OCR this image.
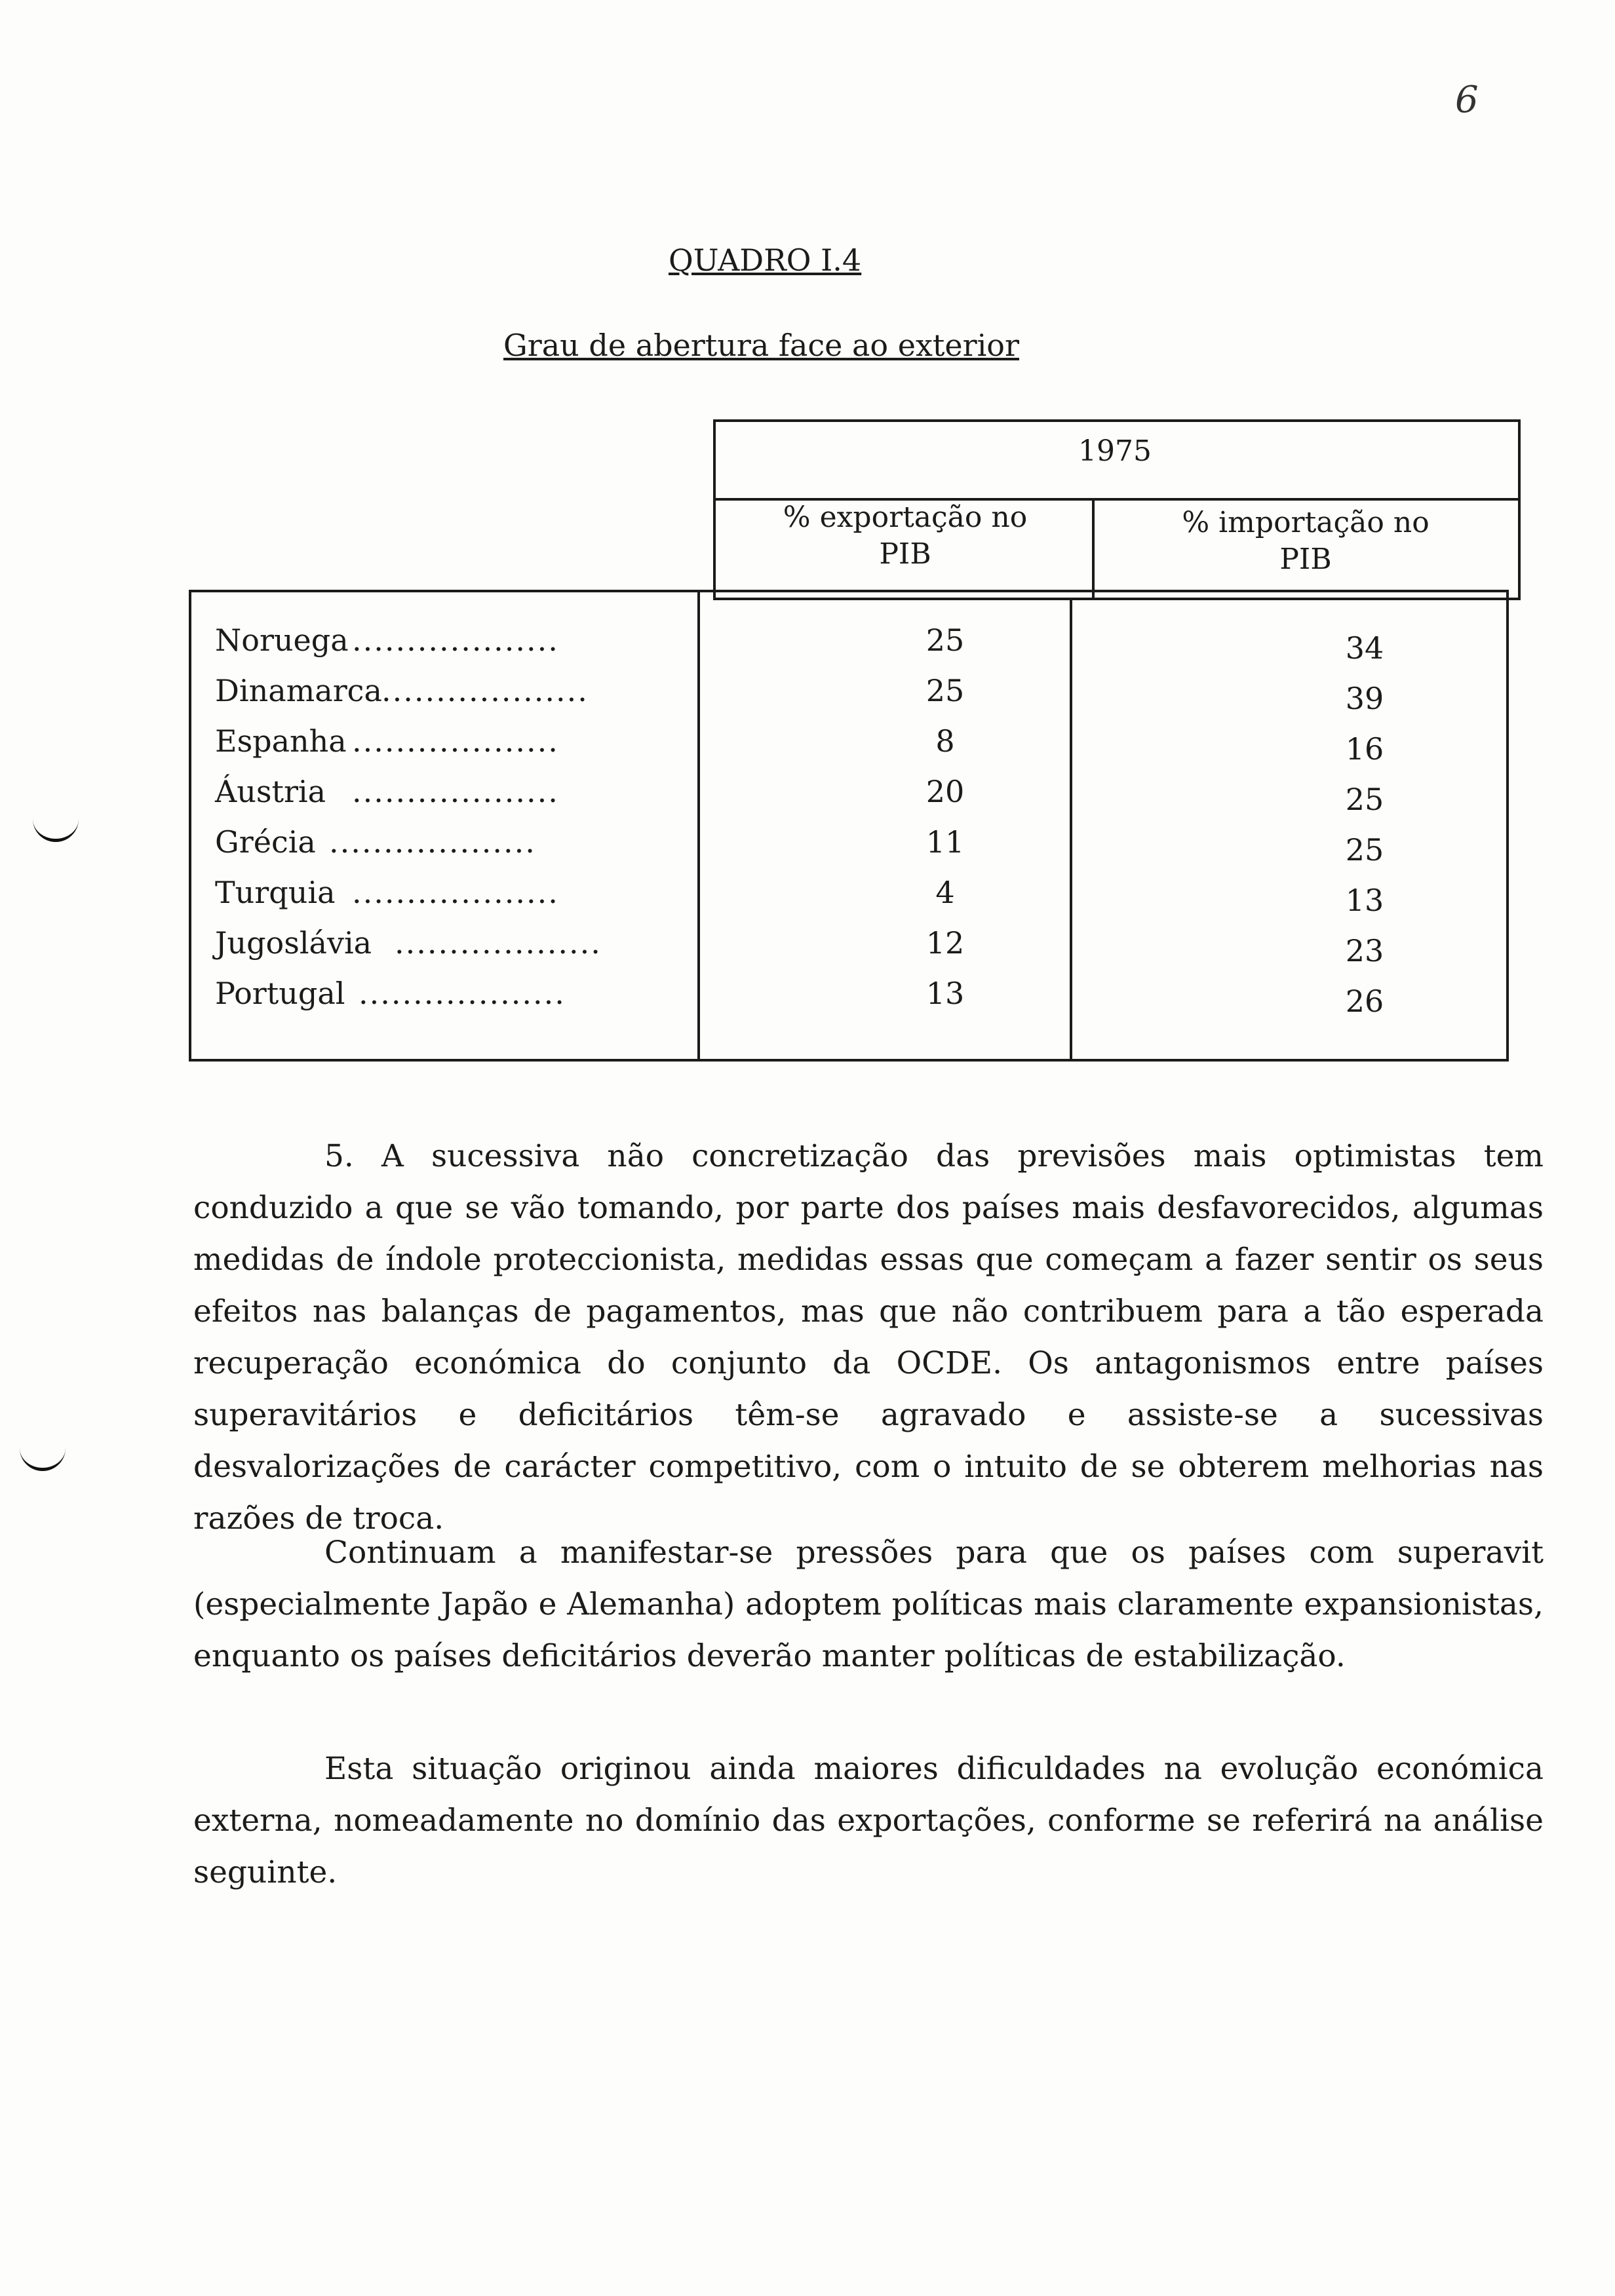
6
QUADRO I.4
Grau de abertura face ao exterior
1975
% exportação no
PIB
% importação no
PIB
Noruega ...................	25	34
Dinamarca ...................	25	39
Espanha ...................	8	16
Áustria ...................	20	25
Grécia ...................	11	25
Turquia ...................	4	13
Jugoslávia ...................	12	23
Portugal ...................	13	26
5. A sucessiva não concretização das previsões mais optimistas tem conduzido a que se vão tomando, por parte dos países mais desfavorecidos, algumas medidas de índole proteccionista, medidas essas que começam a fazer sentir os seus efeitos nas balanças de pagamentos, mas que não contribuem para a tão esperada recuperação económica do conjunto da OCDE. Os antagonismos entre países superavitários e deficitários têm-se agravado e assiste-se a sucessivas desvalorizações de carácter competitivo, com o intuito de se obterem melhorias nas razões de troca.
Continuam a manifestar-se pressões para que os países com superavit (especialmente Japão e Alemanha) adoptem políticas mais claramente expansionistas, enquanto os países deficitários deverão manter políticas de estabilização.
Esta situação originou ainda maiores dificuldades na evolução económica externa, nomeadamente no domínio das exportações, conforme se referirá na análise seguinte.
